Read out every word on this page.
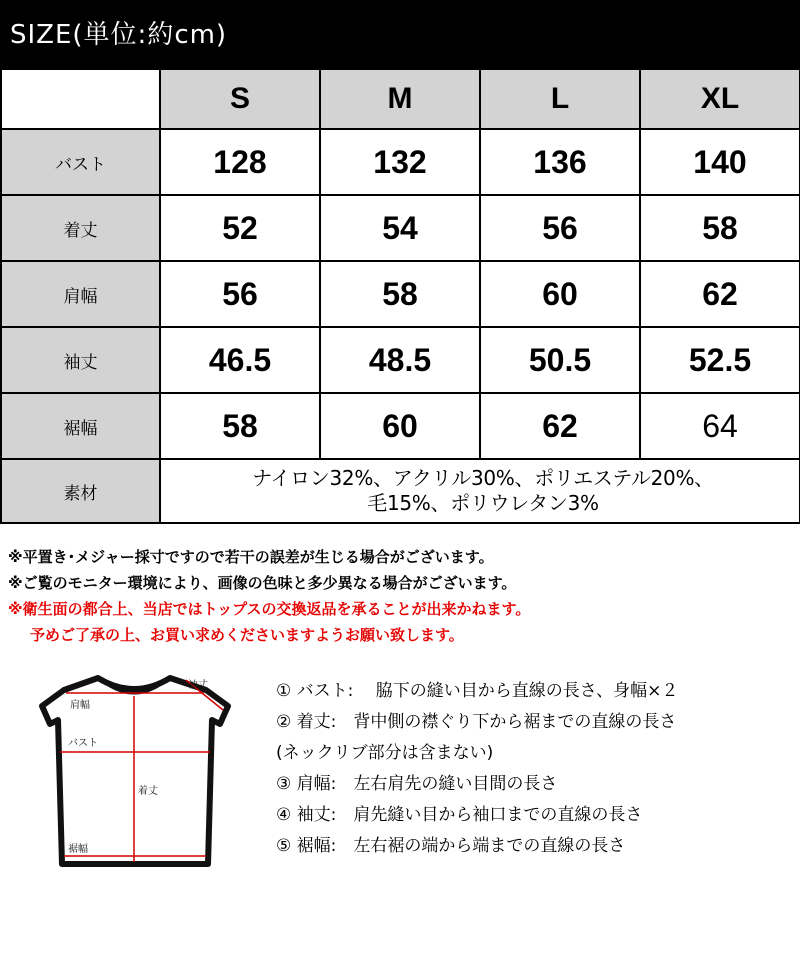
SIZE(単位:約cm)
	S	M	L	XL
バスト	128	132	136	140
着丈	52	54	56	58
肩幅	56	58	60	62
袖丈	46.5	48.5	50.5	52.5
裾幅	58	60	62	64
素材	ナイロン32%、アクリル30%、ポリエステル20%、
毛15%、ポリウレタン3%			

※平置き･メジャー採寸ですので若干の誤差が生じる場合がございます。

※ご覧のモニター環境により、画像の色味と多少異なる場合がございます。

※衛生面の都合上、当店ではトップスの交換返品を承ることが出来かねます。

予めご了承の上、お買い求めくださいますようお願い致します。

袖丈
肩幅
バスト
着丈
裾幅

① バスト:　 脇下の縫い目から直線の長さ、身幅×２

② 着丈:　背中側の襟ぐり下から裾までの直線の長さ

(ネックリブ部分は含まない)

③ 肩幅:　左右肩先の縫い目間の長さ

④ 袖丈:　肩先縫い目から袖口までの直線の長さ

⑤ 裾幅:　左右裾の端から端までの直線の長さ
